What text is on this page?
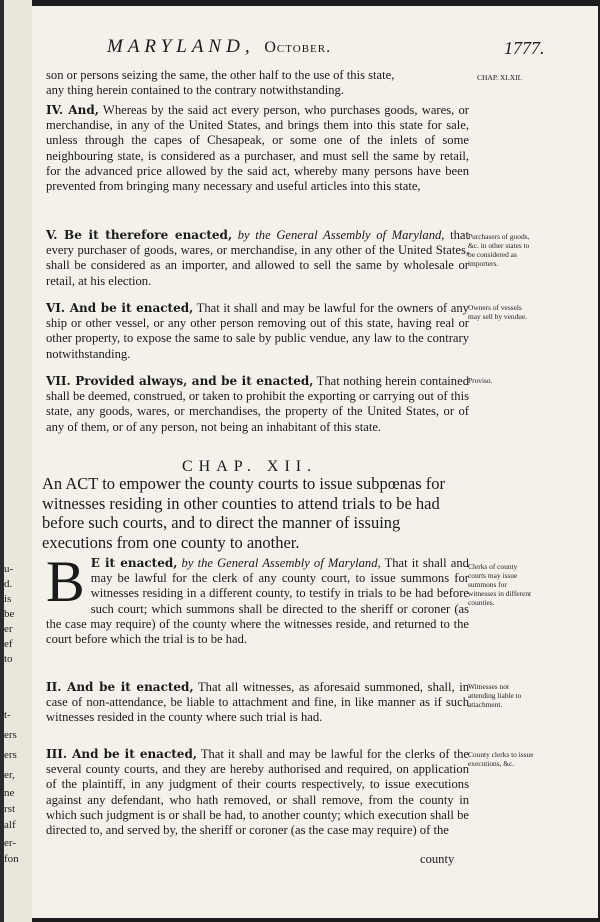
u-
d.
is
be
er
ef
to
t-
ers
ers
er,
ne
rst
alf
er-
fon
MARYLAND, October.	1777.
CHAP. XI.XII.

son or persons seizing the same, the other half to the use of this state,

any thing herein contained to the contrary notwithstanding.

IV. And, Whereas by the said act every person, who purchases goods, wares, or merchandise, in any of the United States, and brings them into this state for sale, unless through the capes of Chesapeak, or some one of the inlets of some neighbouring state, is considered as a purchaser, and must sell the same by retail, for the advanced price allowed by the said act, whereby many persons have been prevented from bringing many necessary and useful articles into this state,

V. Be it therefore enacted, by the General Assembly of Maryland, that every purchaser of goods, wares, or merchandise, in any other of the United States, shall be considered as an importer, and allowed to sell the same by wholesale or retail, at his election.

Purchasers of goods, &c. in other states to be considered as importers.

VI. And be it enacted, That it shall and may be lawful for the owners of any ship or other vessel, or any other person removing out of this state, having real or other property, to expose the same to sale by public vendue, any law to the contrary notwithstanding.

Owners of vessels may sell by vendue.

VII. Provided always, and be it enacted, That nothing herein contained shall be deemed, construed, or taken to prohibit the exporting or carrying out of this state, any goods, wares, or merchandises, the property of the United States, or of any of them, or of any person, not being an inhabitant of this state.

Proviso.
CHAP. XII.

An ACT to empower the county courts to issue subpœnas for witnesses residing in other counties to attend trials to be had before such courts, and to direct the manner of issuing executions from one county to another.

B E it enacted, by the General Assembly of Maryland, That it shall and may be lawful for the clerk of any county court, to issue summons for witnesses residing in a different county, to testify in trials to be had before such court; which summons shall be directed to the sheriff or coroner (as the case may require) of the county where the witnesses reside, and returned to the court before which the trial is to be had.

Clerks of county courts may issue summons for witnesses in different counties.

II. And be it enacted, That all witnesses, as aforesaid summoned, shall, in case of non-attendance, be liable to attachment and fine, in like manner as if such witnesses resided in the county where such trial is had.

Witnesses not attending liable to attachment.

III. And be it enacted, That it shall and may be lawful for the clerks of the several county courts, and they are hereby authorised and required, on application of the plaintiff, in any judgment of their courts respectively, to issue executions against any defendant, who hath removed, or shall remove, from the county in which such judgment is or shall be had, to another county; which execution shall be directed to, and served by, the sheriff or coroner (as the case may require) of the

County clerks to issue executions, &c.
county
